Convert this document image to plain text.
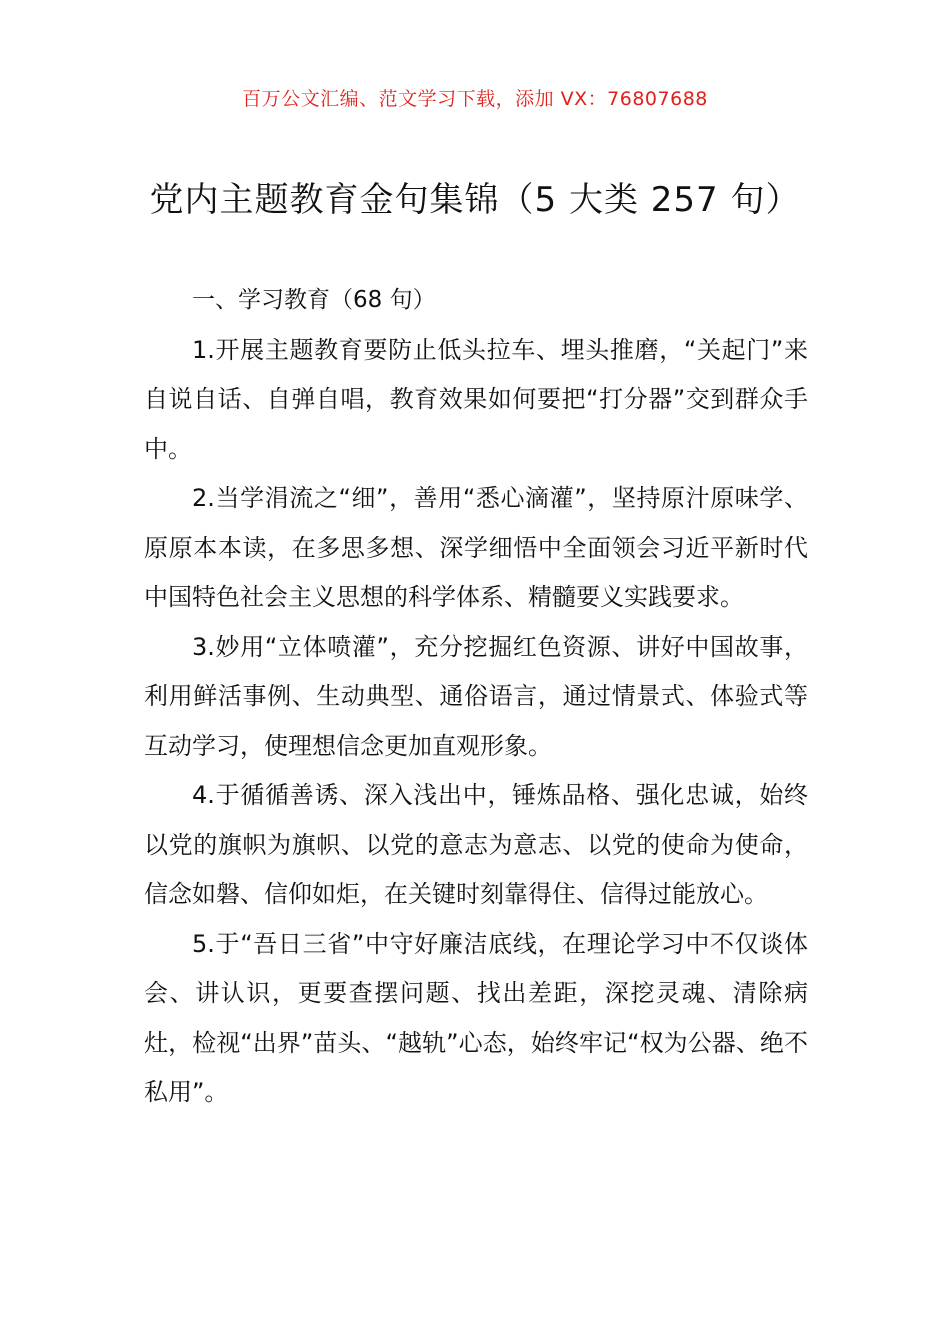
百万公文汇编、范文学习下载，添加 VX：76807688
党内主题教育金句集锦（5 大类 257 句）

一、学习教育（68 句）

1.开展主题教育要防止低头拉车、埋头推磨，“关起门”来自说自话、自弹自唱，教育效果如何要把“打分器”交到群众手中。

2.当学涓流之“细”，善用“悉心滴灌”，坚持原汁原味学、原原本本读，在多思多想、深学细悟中全面领会习近平新时代中国特色社会主义思想的科学体系、精髓要义实践要求。

3.妙用“立体喷灌”，充分挖掘红色资源、讲好中国故事，利用鲜活事例、生动典型、通俗语言，通过情景式、体验式等互动学习，使理想信念更加直观形象。

4.于循循善诱、深入浅出中，锤炼品格、强化忠诚，始终以党的旗帜为旗帜、以党的意志为意志、以党的使命为使命，信念如磐、信仰如炬，在关键时刻靠得住、信得过能放心。

5.于“吾日三省”中守好廉洁底线，在理论学习中不仅谈体会、讲认识，更要查摆问题、找出差距，深挖灵魂、清除病灶，检视“出界”苗头、“越轨”心态，始终牢记“权为公器、绝不私用”。
